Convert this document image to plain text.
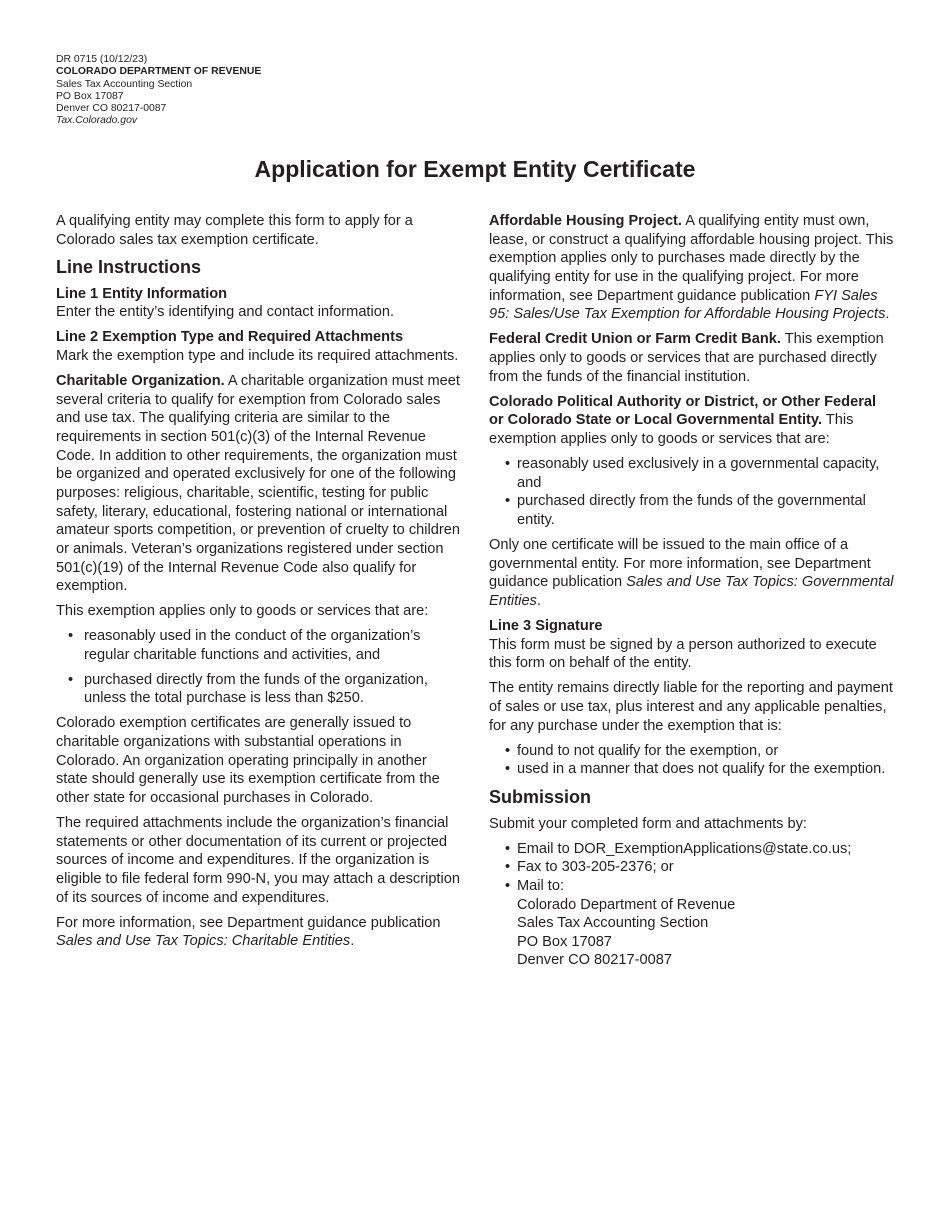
DR 0715 (10/12/23)
COLORADO DEPARTMENT OF REVENUE
Sales Tax Accounting Section
PO Box 17087
Denver CO 80217-0087
Tax.Colorado.gov
Application for Exempt Entity Certificate

A qualifying entity may complete this form to apply for a Colorado sales tax exemption certificate.

Line Instructions

Line 1 Entity Information
Enter the entity’s identifying and contact information.

Line 2 Exemption Type and Required Attachments
Mark the exemption type and include its required attachments.

Charitable Organization. A charitable organization must meet several criteria to qualify for exemption from Colorado sales and use tax. The qualifying criteria are similar to the requirements in section 501(c)(3) of the Internal Revenue Code. In addition to other requirements, the organization must be organized and operated exclusively for one of the following purposes: religious, charitable, scientific, testing for public safety, literary, educational, fostering national or international amateur sports competition, or prevention of cruelty to children or animals. Veteran’s organizations registered under section 501(c)(19) of the Internal Revenue Code also qualify for exemption.

This exemption applies only to goods or services that are:

• reasonably used in the conduct of the organization’s regular charitable functions and activities, and
• purchased directly from the funds of the organization, unless the total purchase is less than $250.

Colorado exemption certificates are generally issued to charitable organizations with substantial operations in Colorado. An organization operating principally in another state should generally use its exemption certificate from the other state for occasional purchases in Colorado.

The required attachments include the organization’s financial statements or other documentation of its current or projected sources of income and expenditures. If the organization is eligible to file federal form 990-N, you may attach a description of its sources of income and expenditures.

For more information, see Department guidance publication Sales and Use Tax Topics: Charitable Entities.

Affordable Housing Project. A qualifying entity must own, lease, or construct a qualifying affordable housing project. This exemption applies only to purchases made directly by the qualifying entity for use in the qualifying project. For more information, see Department guidance publication FYI Sales 95: Sales/Use Tax Exemption for Affordable Housing Projects.

Federal Credit Union or Farm Credit Bank. This exemption applies only to goods or services that are purchased directly from the funds of the financial institution.

Colorado Political Authority or District, or Other Federal or Colorado State or Local Governmental Entity. This exemption applies only to goods or services that are:

• reasonably used exclusively in a governmental capacity, and
• purchased directly from the funds of the governmental entity.

Only one certificate will be issued to the main office of a governmental entity. For more information, see Department guidance publication Sales and Use Tax Topics: Governmental Entities.

Line 3 Signature
This form must be signed by a person authorized to execute this form on behalf of the entity.

The entity remains directly liable for the reporting and payment of sales or use tax, plus interest and any applicable penalties, for any purchase under the exemption that is:

• found to not qualify for the exemption, or
• used in a manner that does not qualify for the exemption.
Submission

Submit your completed form and attachments by:

• Email to DOR_ExemptionApplications@state.co.us;
• Fax to 303-205-2376; or
• Mail to:
Colorado Department of Revenue
Sales Tax Accounting Section
PO Box 17087
Denver CO 80217-0087
